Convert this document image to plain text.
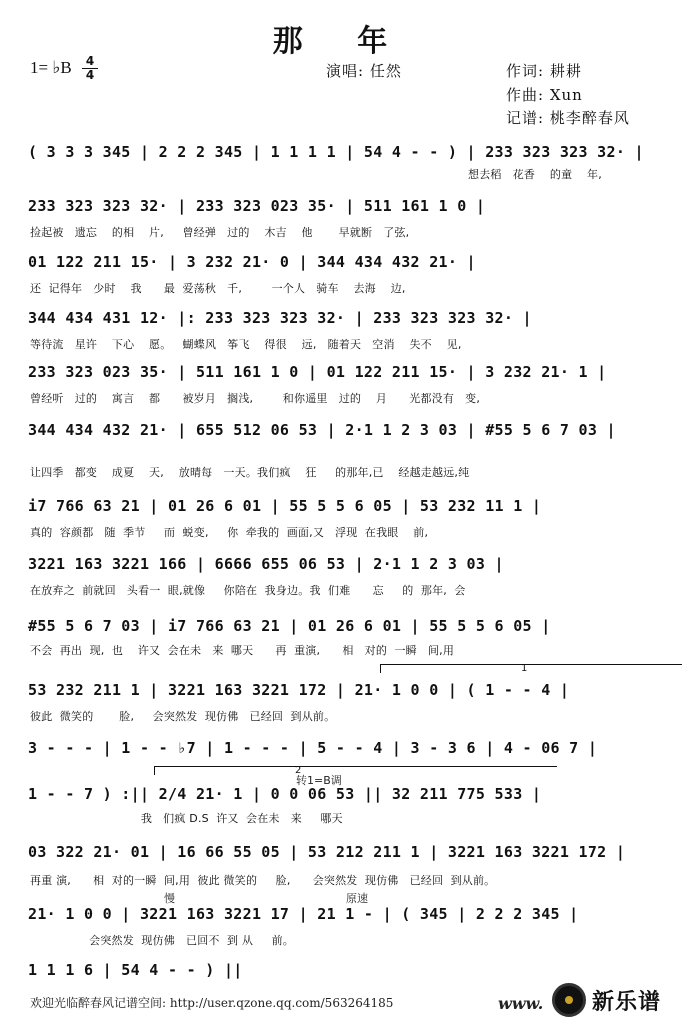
那 年
1= ♭B	4
4	演唱: 任然	作词: 耕耕
作曲: Xun
记谱: 桃李醉春风
( 3 3 3 345 | 2 2 2 345 | 1 1 1 1 | 54 4 - - ) | 233 323 323 32· |
想去稻   花香    的童    年,
233 323 323 32· | 233 323 023 35· | 511 161 1 0 |
捡起被   遗忘    的相    片,     曾经弹   过的    木吉    他       早就断   了弦,
01 122 211 15· | 3 232 21· 0 | 344 434 432 21· |
还  记得年   少时    我      最  爱荡秋   千,        一个人   骑车    去海    边,
344 434 431 12· |: 233 323 323 32· | 233 323 323 32· |
等待流   星许    下心    愿。   蝴蝶风   筝飞    得很    远,   随着天   空消    失不    见,
233 323 023 35· | 511 161 1 0 | 01 122 211 15· | 3 232 21· 1 |
曾经听   过的    寓言    都      被岁月   搁浅,        和你遥里   过的    月      光都没有   变,
344 434 432 21· | 655 512 06 53 | 2·1 1 2 3 03 | #55 5 6 7 03 |
让四季   都变    成夏    天,    放晴每   一天。我们疯    狂     的那年,已    经越走越远,纯
i7 766 63 21 | 01 26 6 01 | 55 5 5 6 05 | 53 232 11 1 |
真的  容颜都   随  季节     而  蜕变,     你  牵我的  画面,又   浮现  在我眼    前,
3221 163 3221 166 | 6666 655 06 53 | 2·1 1 2 3 03 |
在放弃之  前就回   头看一  眼,就像     你陪在  我身边。我  们难      忘     的  那年,  会
#55 5 6 7 03 | i7 766 63 21 | 01 26 6 01 | 55 5 5 6 05 |
不会  再出  现,  也    许又  会在未   来  哪天      再  重演,      相   对的  一瞬   间,用
1
53 232 211 1 | 3221 163 3221 172 | 21· 1 0 0 | ( 1 - - 4 |
彼此  微笑的       脸,     会突然发  现仿佛   已经回  到从前。
3 - - - | 1 - - ♭7 | 1 - - - | 5 - - 4 | 3 - 3 6 | 4 - 06 7 |
2
转1=B调
1 - - 7 ) :|| 2/4 21· 1 | 0 0 06 53 || 32 211 775 533 |
我   们疯 D.S  许又  会在未   来     哪天
03 322 21· 01 | 16 66 55 05 | 53 212 211 1 | 3221 163 3221 172 |
再重 演,      相  对的一瞬  间,用  彼此 微笑的     脸,      会突然发  现仿佛   已经回  到从前。
慢	原速
21· 1 0 0 | 3221 163 3221 17 | 21 1 - | ( 345 | 2 2 2 345 |
会突然发  现仿佛   已回不  到 从     前。
1 1 1 6 | 54 4 - - ) ||
欢迎光临醉春风记谱空间: http://user.qzone.qq.com/563264185	www. 新乐谱
